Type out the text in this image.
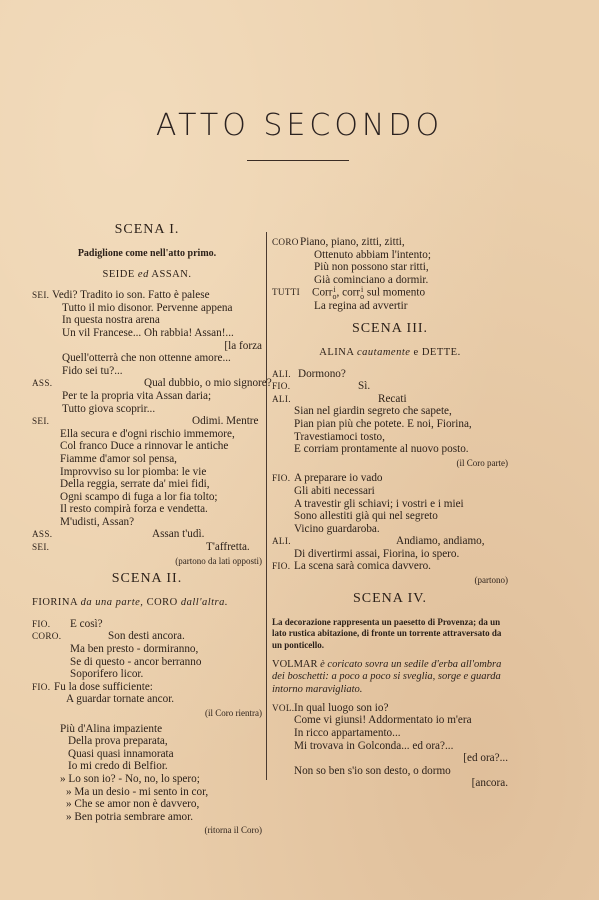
ATTO SECONDO
SCENA I.
Padiglione come nell'atto primo.
SEIDE ed ASSAN.
SEI. Vedi? Tradito io son. Fatto è palese
Tutto il mio disonor. Pervenne appena
In questa nostra arena
Un vil Francese... Oh rabbia! Assan!...
[la forza
Quell'otterrà che non ottenne amore...
Fido sei tu?...
ASS.	Qual dubbio, o mio signore?
Per te la propria vita Assan daria;
Tutto giova scoprir...
SEI.	Odimi. Mentre
Ella secura e d'ogni rischio immemore,
Col franco Duce a rinnovar le antiche
Fiamme d'amor sol pensa,
Improvviso su lor piomba: le vie
Della reggia, serrate da' miei fidi,
Ogni scampo di fuga a lor fia tolto;
Il resto compirà forza e vendetta.
M'udisti, Assan?
ASS.	Assan t'udì.
SEI.	T'affretta.
(partono da lati opposti)
SCENA II.
FIORINA da una parte, CORO dall'altra.
FIO.	E così?
CORO.	Son desti ancora.
Ma ben presto - dormiranno,
Se di questo - ancor berranno
Soporifero licor.
FIO. Fu la dose sufficiente:
A guardar tornate ancor.
(il Coro rientra)
Più d'Alina impaziente
Della prova preparata,
Quasi quasi innamorata
Io mi credo di Belfior.
» Lo son io? - No, no, lo spero;
» Ma un desio - mi sento in cor,
» Che se amor non è davvero,
» Ben potria sembrare amor.
(ritorna il Coro)
CORO Piano, piano, zitti, zitti,
Ottenuto abbiam l'intento;
Più non possono star ritti,
Già cominciano a dormir.
TUTTI	Corr i
o , corr i
o sul momento
La regina ad avvertir
SCENA III.
ALINA cautamente e DETTE.
ALI. Dormono?
FIO.	Sì.
ALI.	Recati
Sian nel giardin segreto che sapete,
Pian pian più che potete. E noi, Fiorina,
Travestiamoci tosto,
E corriam prontamente al nuovo posto.
(il Coro parte)
FIO. A preparare io vado
Gli abiti necessari
A travestir gli schiavi; i vostri e i miei
Sono allestiti già qui nel segreto
Vicino guardaroba.
ALI.	Andiamo, andiamo,
Di divertirmi assai, Fiorina, io spero.
FIO. La scena sarà comica davvero.
(partono)
SCENA IV.
La decorazione rappresenta un paesetto di Provenza; da un lato rustica abitazione, di fronte un torrente attraversato da un ponticello.
VOLMAR è coricato sovra un sedile d'erba all'ombra dei boschetti: a poco a poco si sveglia, sorge e guarda intorno maravigliato.
VOL. In qual luogo son io?
Come vi giunsi! Addormentato io m'era
In ricco appartamento...
Mi trovava in Golconda... ed ora?...
[ed ora?...
Non so ben s'io son desto, o dormo
[ancora.
